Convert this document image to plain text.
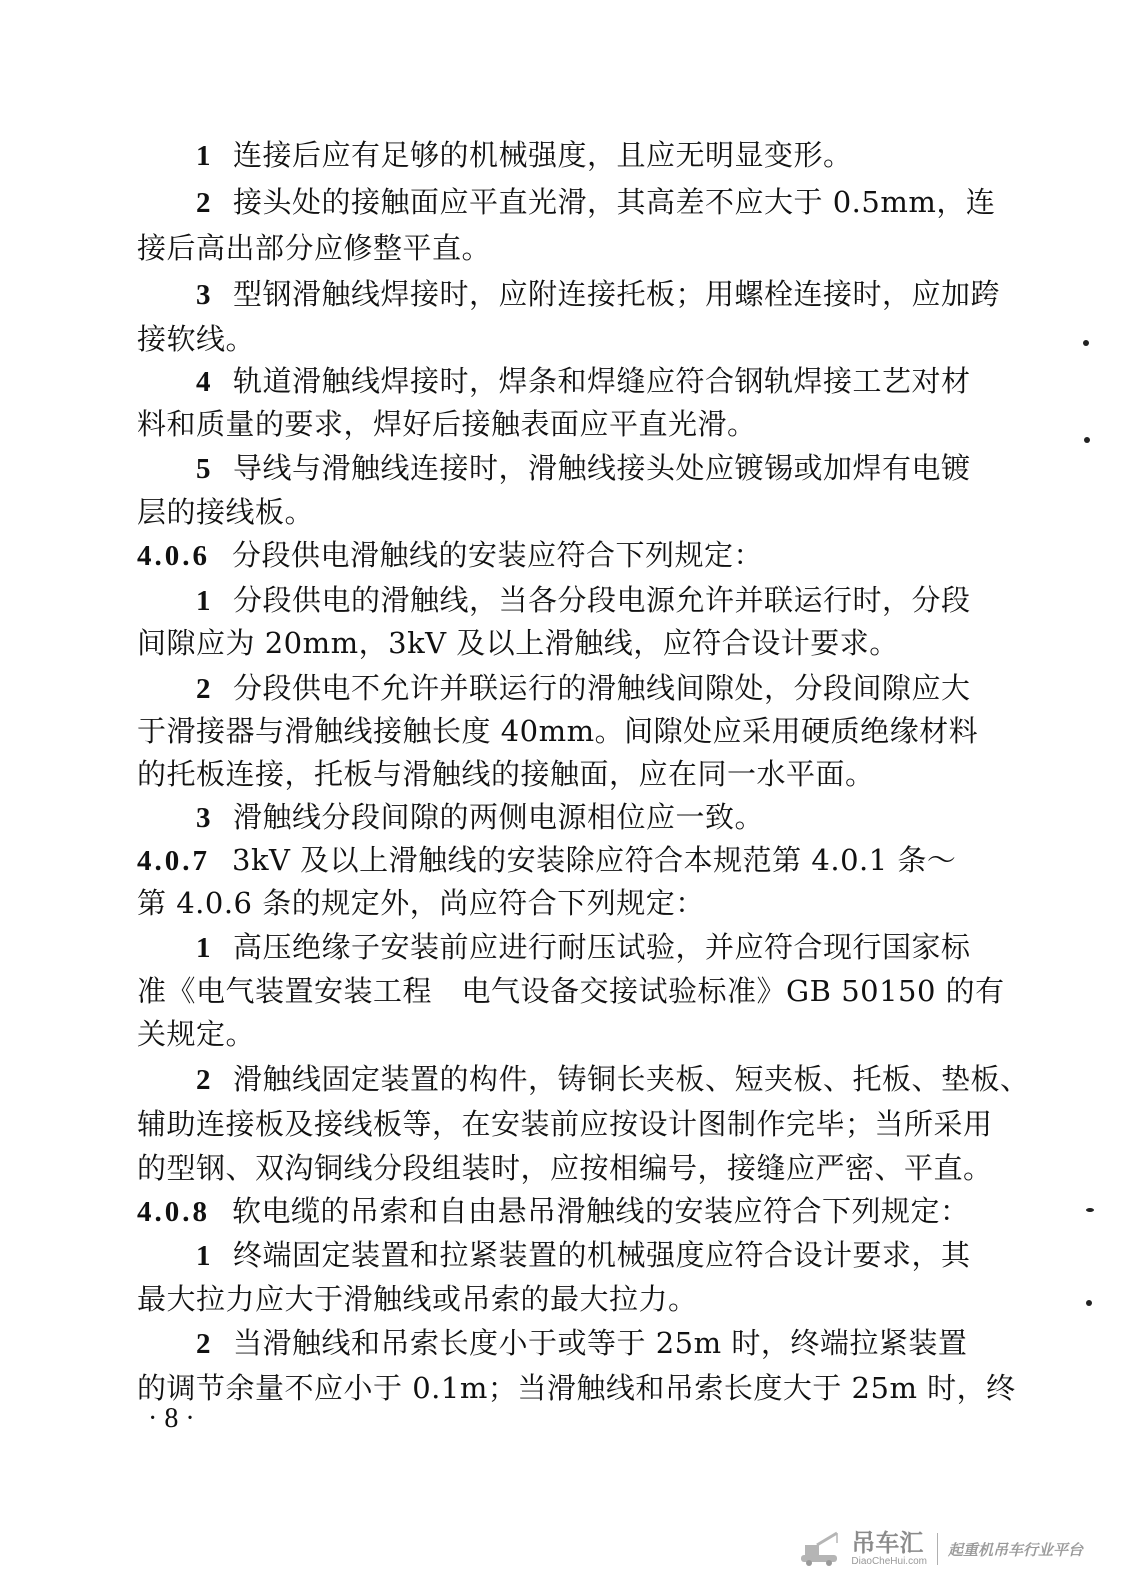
1 连接后应有足够的机械强度，且应无明显变形。
2 接头处的接触面应平直光滑，其高差不应大于 0.5mm，连
接后高出部分应修整平直。
3 型钢滑触线焊接时，应附连接托板；用螺栓连接时，应加跨
接软线。
4 轨道滑触线焊接时，焊条和焊缝应符合钢轨焊接工艺对材
料和质量的要求，焊好后接触表面应平直光滑。
5 导线与滑触线连接时，滑触线接头处应镀锡或加焊有电镀
层的接线板。
4.0.6 分段供电滑触线的安装应符合下列规定：
1 分段供电的滑触线，当各分段电源允许并联运行时，分段
间隙应为 20mm，3kV 及以上滑触线，应符合设计要求。
2 分段供电不允许并联运行的滑触线间隙处，分段间隙应大
于滑接器与滑触线接触长度 40mm。间隙处应采用硬质绝缘材料
的托板连接，托板与滑触线的接触面，应在同一水平面。
3 滑触线分段间隙的两侧电源相位应一致。
4.0.7 3kV 及以上滑触线的安装除应符合本规范第 4.0.1 条～
第 4.0.6 条的规定外，尚应符合下列规定：
1 高压绝缘子安装前应进行耐压试验，并应符合现行国家标
准《电气装置安装工程　电气设备交接试验标准》GB 50150 的有
关规定。
2 滑触线固定装置的构件，铸铜长夹板、短夹板、托板、垫板、
辅助连接板及接线板等，在安装前应按设计图制作完毕；当所采用
的型钢、双沟铜线分段组装时，应按相编号，接缝应严密、平直。
4.0.8 软电缆的吊索和自由悬吊滑触线的安装应符合下列规定：
1 终端固定装置和拉紧装置的机械强度应符合设计要求，其
最大拉力应大于滑触线或吊索的最大拉力。
2 当滑触线和吊索长度小于或等于 25m 时，终端拉紧装置
的调节余量不应小于 0.1m；当滑触线和吊索长度大于 25m 时，终
· 8 ·
吊车汇
DiaoCheHui.com
起重机吊车行业平台
